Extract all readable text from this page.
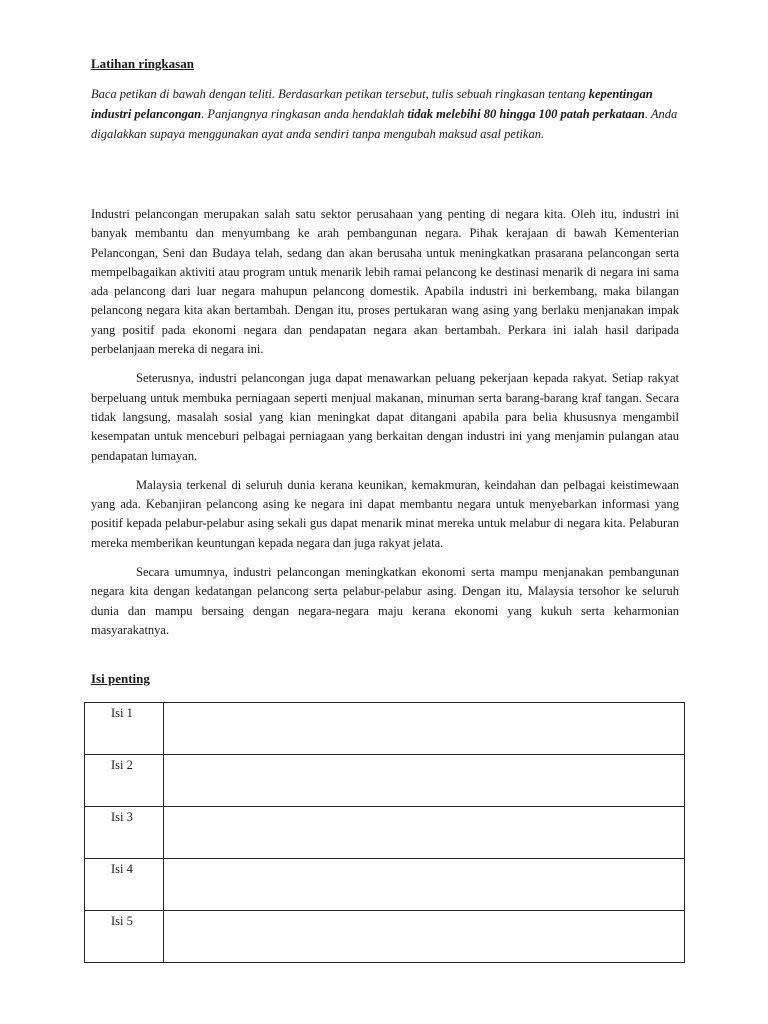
Latihan ringkasan

Baca petikan di bawah dengan teliti. Berdasarkan petikan tersebut, tulis sebuah ringkasan tentang kepentingan industri pelancongan. Panjangnya ringkasan anda hendaklah tidak melebihi 80 hingga 100 patah perkataan. Anda digalakkan supaya menggunakan ayat anda sendiri tanpa mengubah maksud asal petikan.

Industri pelancongan merupakan salah satu sektor perusahaan yang penting di negara kita. Oleh itu, industri ini banyak membantu dan menyumbang ke arah pembangunan negara. Pihak kerajaan di bawah Kementerian Pelancongan, Seni dan Budaya telah, sedang dan akan berusaha untuk meningkatkan prasarana pelancongan serta mempelbagaikan aktiviti atau program untuk menarik lebih ramai pelancong ke destinasi menarik di negara ini sama ada pelancong dari luar negara mahupun pelancong domestik. Apabila industri ini berkembang, maka bilangan pelancong negara kita akan bertambah. Dengan itu, proses pertukaran wang asing yang berlaku menjanakan impak yang positif pada ekonomi negara dan pendapatan negara akan bertambah. Perkara ini ialah hasil daripada perbelanjaan mereka di negara ini.

Seterusnya, industri pelancongan juga dapat menawarkan peluang pekerjaan kepada rakyat. Setiap rakyat berpeluang untuk membuka perniagaan seperti menjual makanan, minuman serta barang-barang kraf tangan. Secara tidak langsung, masalah sosial yang kian meningkat dapat ditangani apabila para belia khususnya mengambil kesempatan untuk menceburi pelbagai perniagaan yang berkaitan dengan industri ini yang menjamin pulangan atau pendapatan lumayan.

Malaysia terkenal di seluruh dunia kerana keunikan, kemakmuran, keindahan dan pelbagai keistimewaan yang ada. Kebanjiran pelancong asing ke negara ini dapat membantu negara untuk menyebarkan informasi yang positif kepada pelabur-pelabur asing sekali gus dapat menarik minat mereka untuk melabur di negara kita. Pelaburan mereka memberikan keuntungan kepada negara dan juga rakyat jelata.

Secara umumnya, industri pelancongan meningkatkan ekonomi serta mampu menjanakan pembangunan negara kita dengan kedatangan pelancong serta pelabur-pelabur asing. Dengan itu, Malaysia tersohor ke seluruh dunia dan mampu bersaing dengan negara-negara maju kerana ekonomi yang kukuh serta keharmonian masyarakatnya.

Isi penting
Isi 1	
Isi 2	
Isi 3	
Isi 4	
Isi 5	
